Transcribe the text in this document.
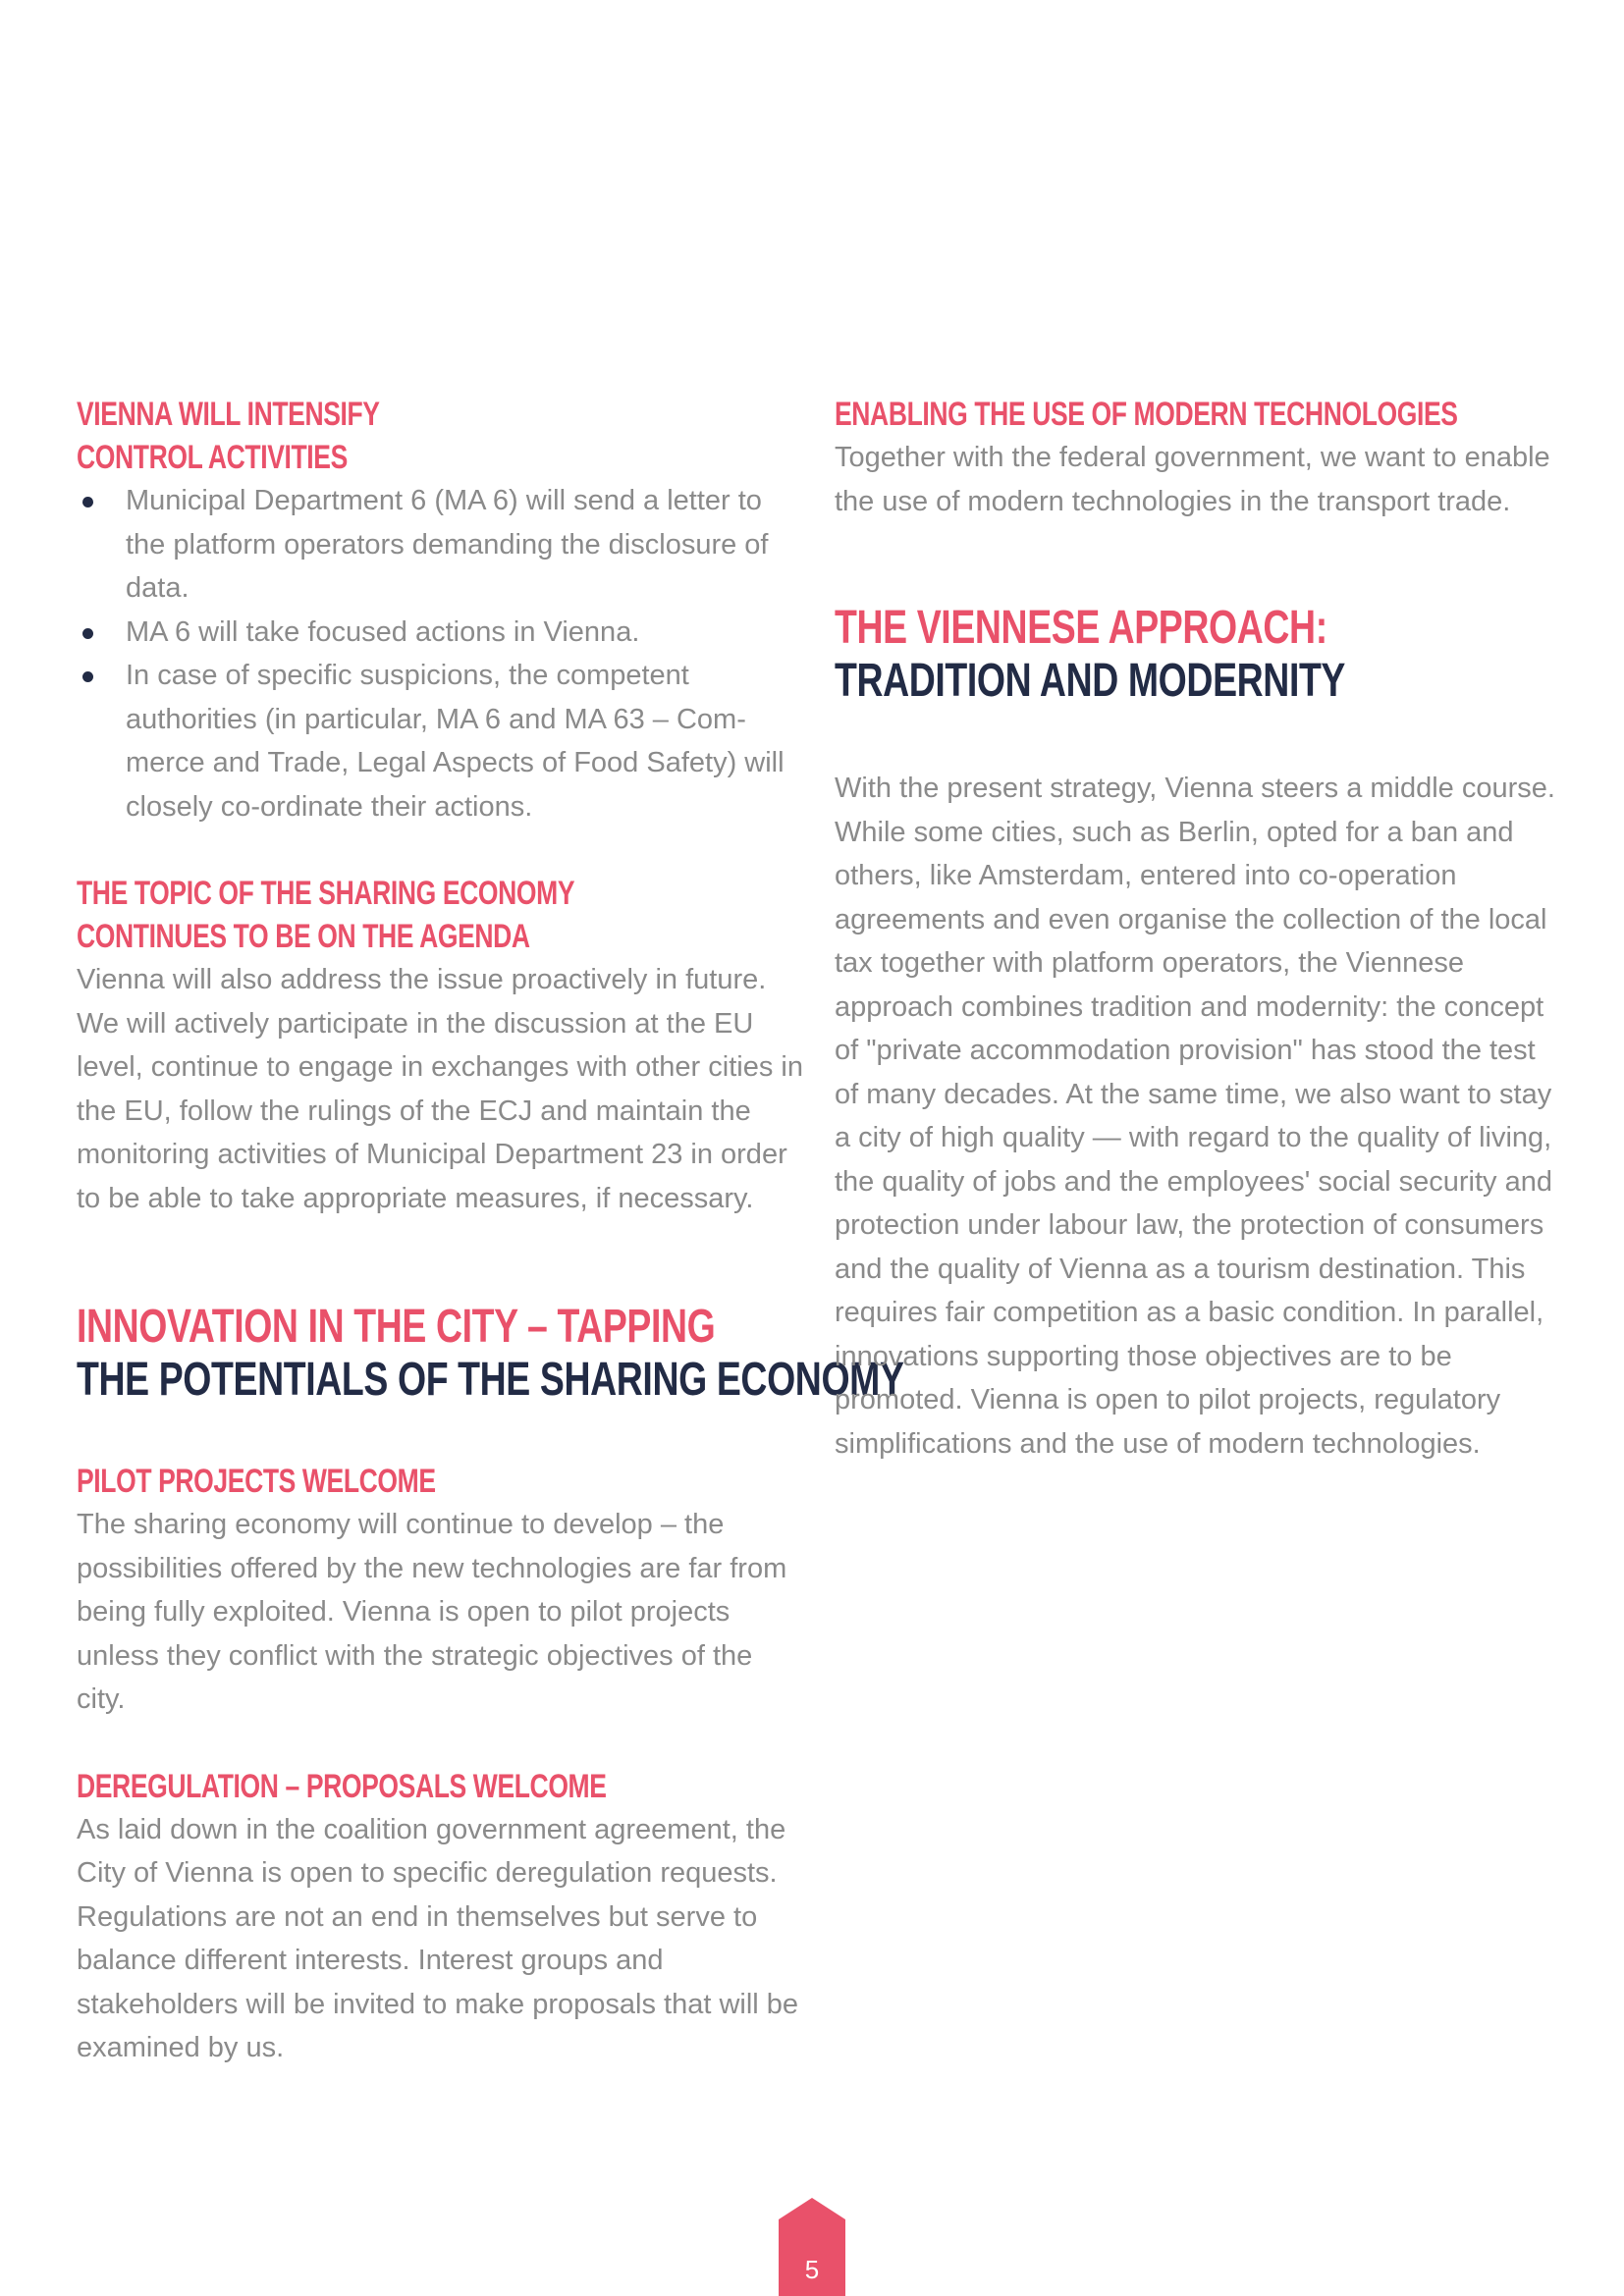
VIENNA WILL INTENSIFY
CONTROL ACTIVITIES
Municipal Department 6 (MA 6) will send a letter to the platform operators demanding the disclosure of data.
MA 6 will take focused actions in Vienna.
In case of specific suspicions, the competent authorities (in particular, MA 6 and MA 63 – Commerce and Trade, Legal Aspects of Food Safety) will closely co-ordinate their actions.
THE TOPIC OF THE SHARING ECONOMY
CONTINUES TO BE ON THE AGENDA

Vienna will also address the issue proactively in future. We will actively participate in the discussion at the EU level, continue to engage in exchanges with other cities in the EU, follow the rulings of the ECJ and maintain the monitoring activities of Municipal Department 23 in order to be able to take appropriate measures, if necessary.

INNOVATION IN THE CITY – TAPPING
THE POTENTIALS OF THE SHARING ECONOMY
PILOT PROJECTS WELCOME

The sharing economy will continue to develop – the possibilities offered by the new technologies are far from being fully exploited. Vienna is open to pilot projects unless they conflict with the strategic objectives of the city.

DEREGULATION – PROPOSALS WELCOME

As laid down in the coalition government agreement, the City of Vienna is open to specific deregulation requests. Regulations are not an end in themselves but serve to balance different interests. Interest groups and stakeholders will be invited to make proposals that will be examined by us.

ENABLING THE USE OF MODERN TECHNOLOGIES

Together with the federal government, we want to enable the use of modern technologies in the transport trade.

THE VIENNESE APPROACH:
TRADITION AND MODERNITY

With the present strategy, Vienna steers a middle course. While some cities, such as Berlin, opted for a ban and others, like Amsterdam, entered into co-operation agreements and even organise the collection of the local tax together with platform operators, the Viennese approach combines tradition and modernity: the concept of "private accommodation provision" has stood the test of many decades. At the same time, we also want to stay a city of high quality — with regard to the quality of living, the quality of jobs and the employees' social security and protection under labour law, the protection of consumers and the quality of Vienna as a tourism destination. This requires fair competition as a basic condition. In parallel, innovations supporting those objectives are to be promoted. Vienna is open to pilot projects, regulatory simplifications and the use of modern technologies.

5
